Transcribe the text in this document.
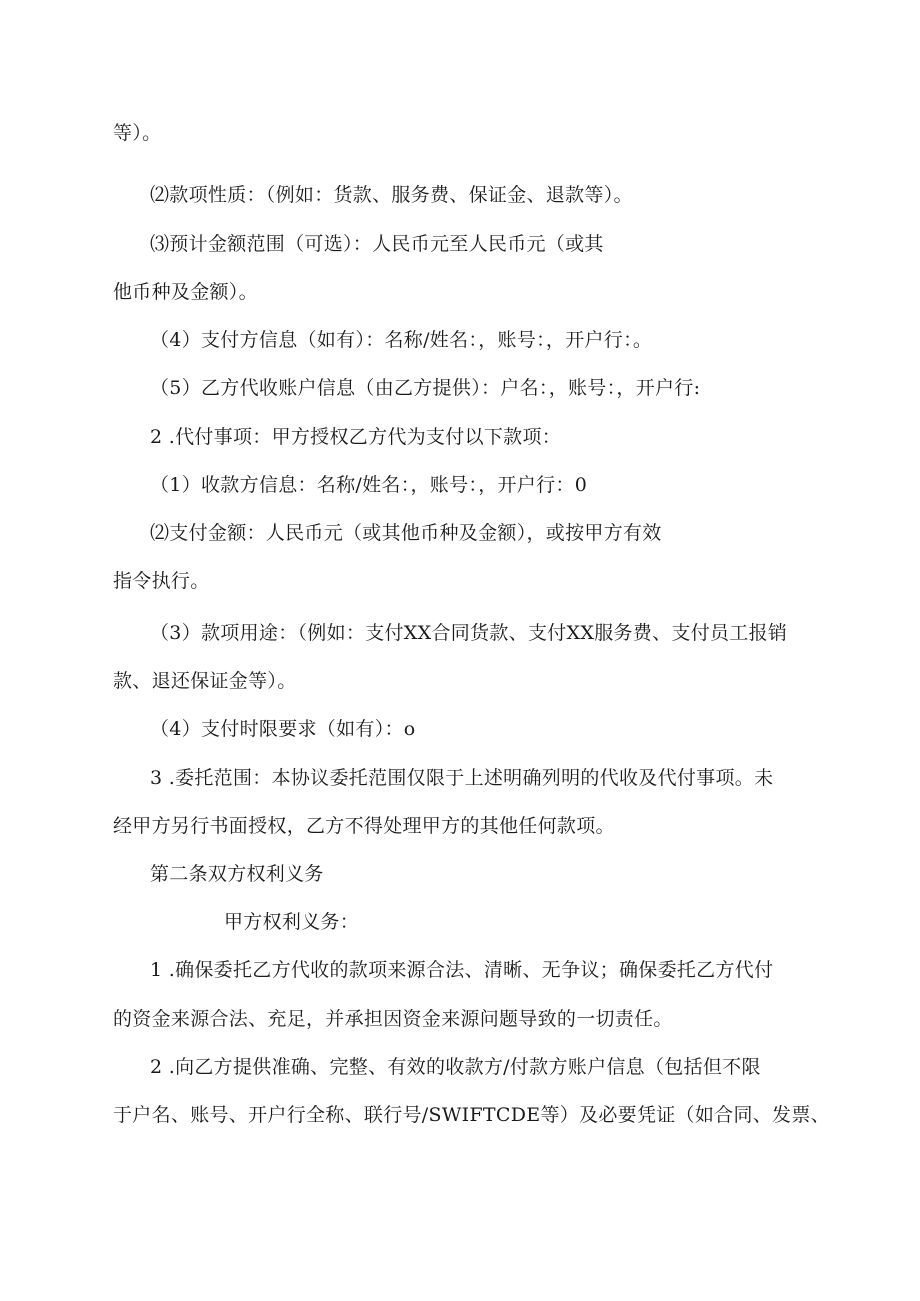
等）。
⑵款项性质：（例如：货款、服务费、保证金、退款等）。
⑶预计金额范围（可选）：人民币元至人民币元（或其
他币种及金额）。
（4）支付方信息（如有）：名称/姓名：，账号：，开户行：。
（5）乙方代收账户信息（由乙方提供）：户名：，账号：，开户行:
2 .代付事项：甲方授权乙方代为支付以下款项：
（1）收款方信息：名称/姓名：，账号：，开户行：0
⑵支付金额：人民币元（或其他币种及金额），或按甲方有效
指令执行。
（3）款项用途：（例如：支付XX合同货款、支付XX服务费、支付员工报销
款、退还保证金等）。
（4）支付时限要求（如有）：o
3 .委托范围：本协议委托范围仅限于上述明确列明的代收及代付事项。未
经甲方另行书面授权，乙方不得处理甲方的其他任何款项。
第二条双方权利义务
甲方权利义务：
1 .确保委托乙方代收的款项来源合法、清晰、无争议；确保委托乙方代付
的资金来源合法、充足，并承担因资金来源问题导致的一切责任。
2 .向乙方提供准确、完整、有效的收款方/付款方账户信息（包括但不限
于户名、账号、开户行全称、联行号/SWIFTCDE等）及必要凭证（如合同、发票、
